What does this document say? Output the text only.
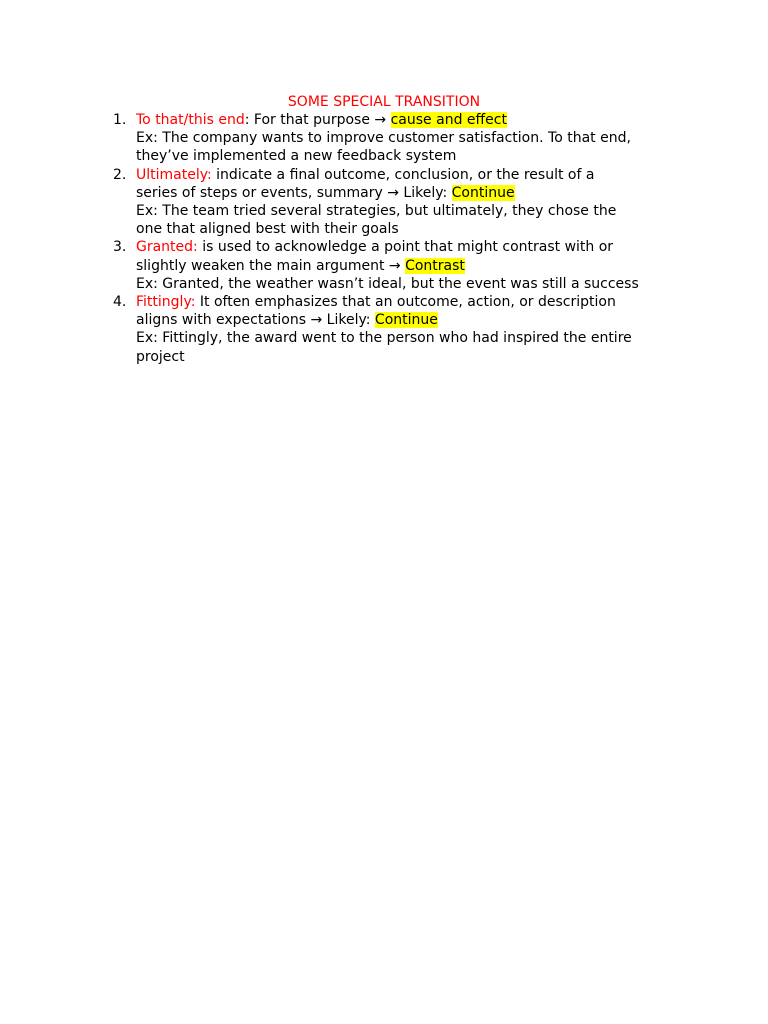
SOME SPECIAL TRANSITION
1. To that/this end: For that purpose → cause and effect
Ex: The company wants to improve customer satisfaction. To that end,
they’ve implemented a new feedback system
2. Ultimately: indicate a final outcome, conclusion, or the result of a
series of steps or events, summary → Likely: Continue
Ex: The team tried several strategies, but ultimately, they chose the
one that aligned best with their goals
3. Granted: is used to acknowledge a point that might contrast with or
slightly weaken the main argument → Contrast
Ex: Granted, the weather wasn’t ideal, but the event was still a success
4. Fittingly: It often emphasizes that an outcome, action, or description
aligns with expectations → Likely: Continue
Ex: Fittingly, the award went to the person who had inspired the entire
project
